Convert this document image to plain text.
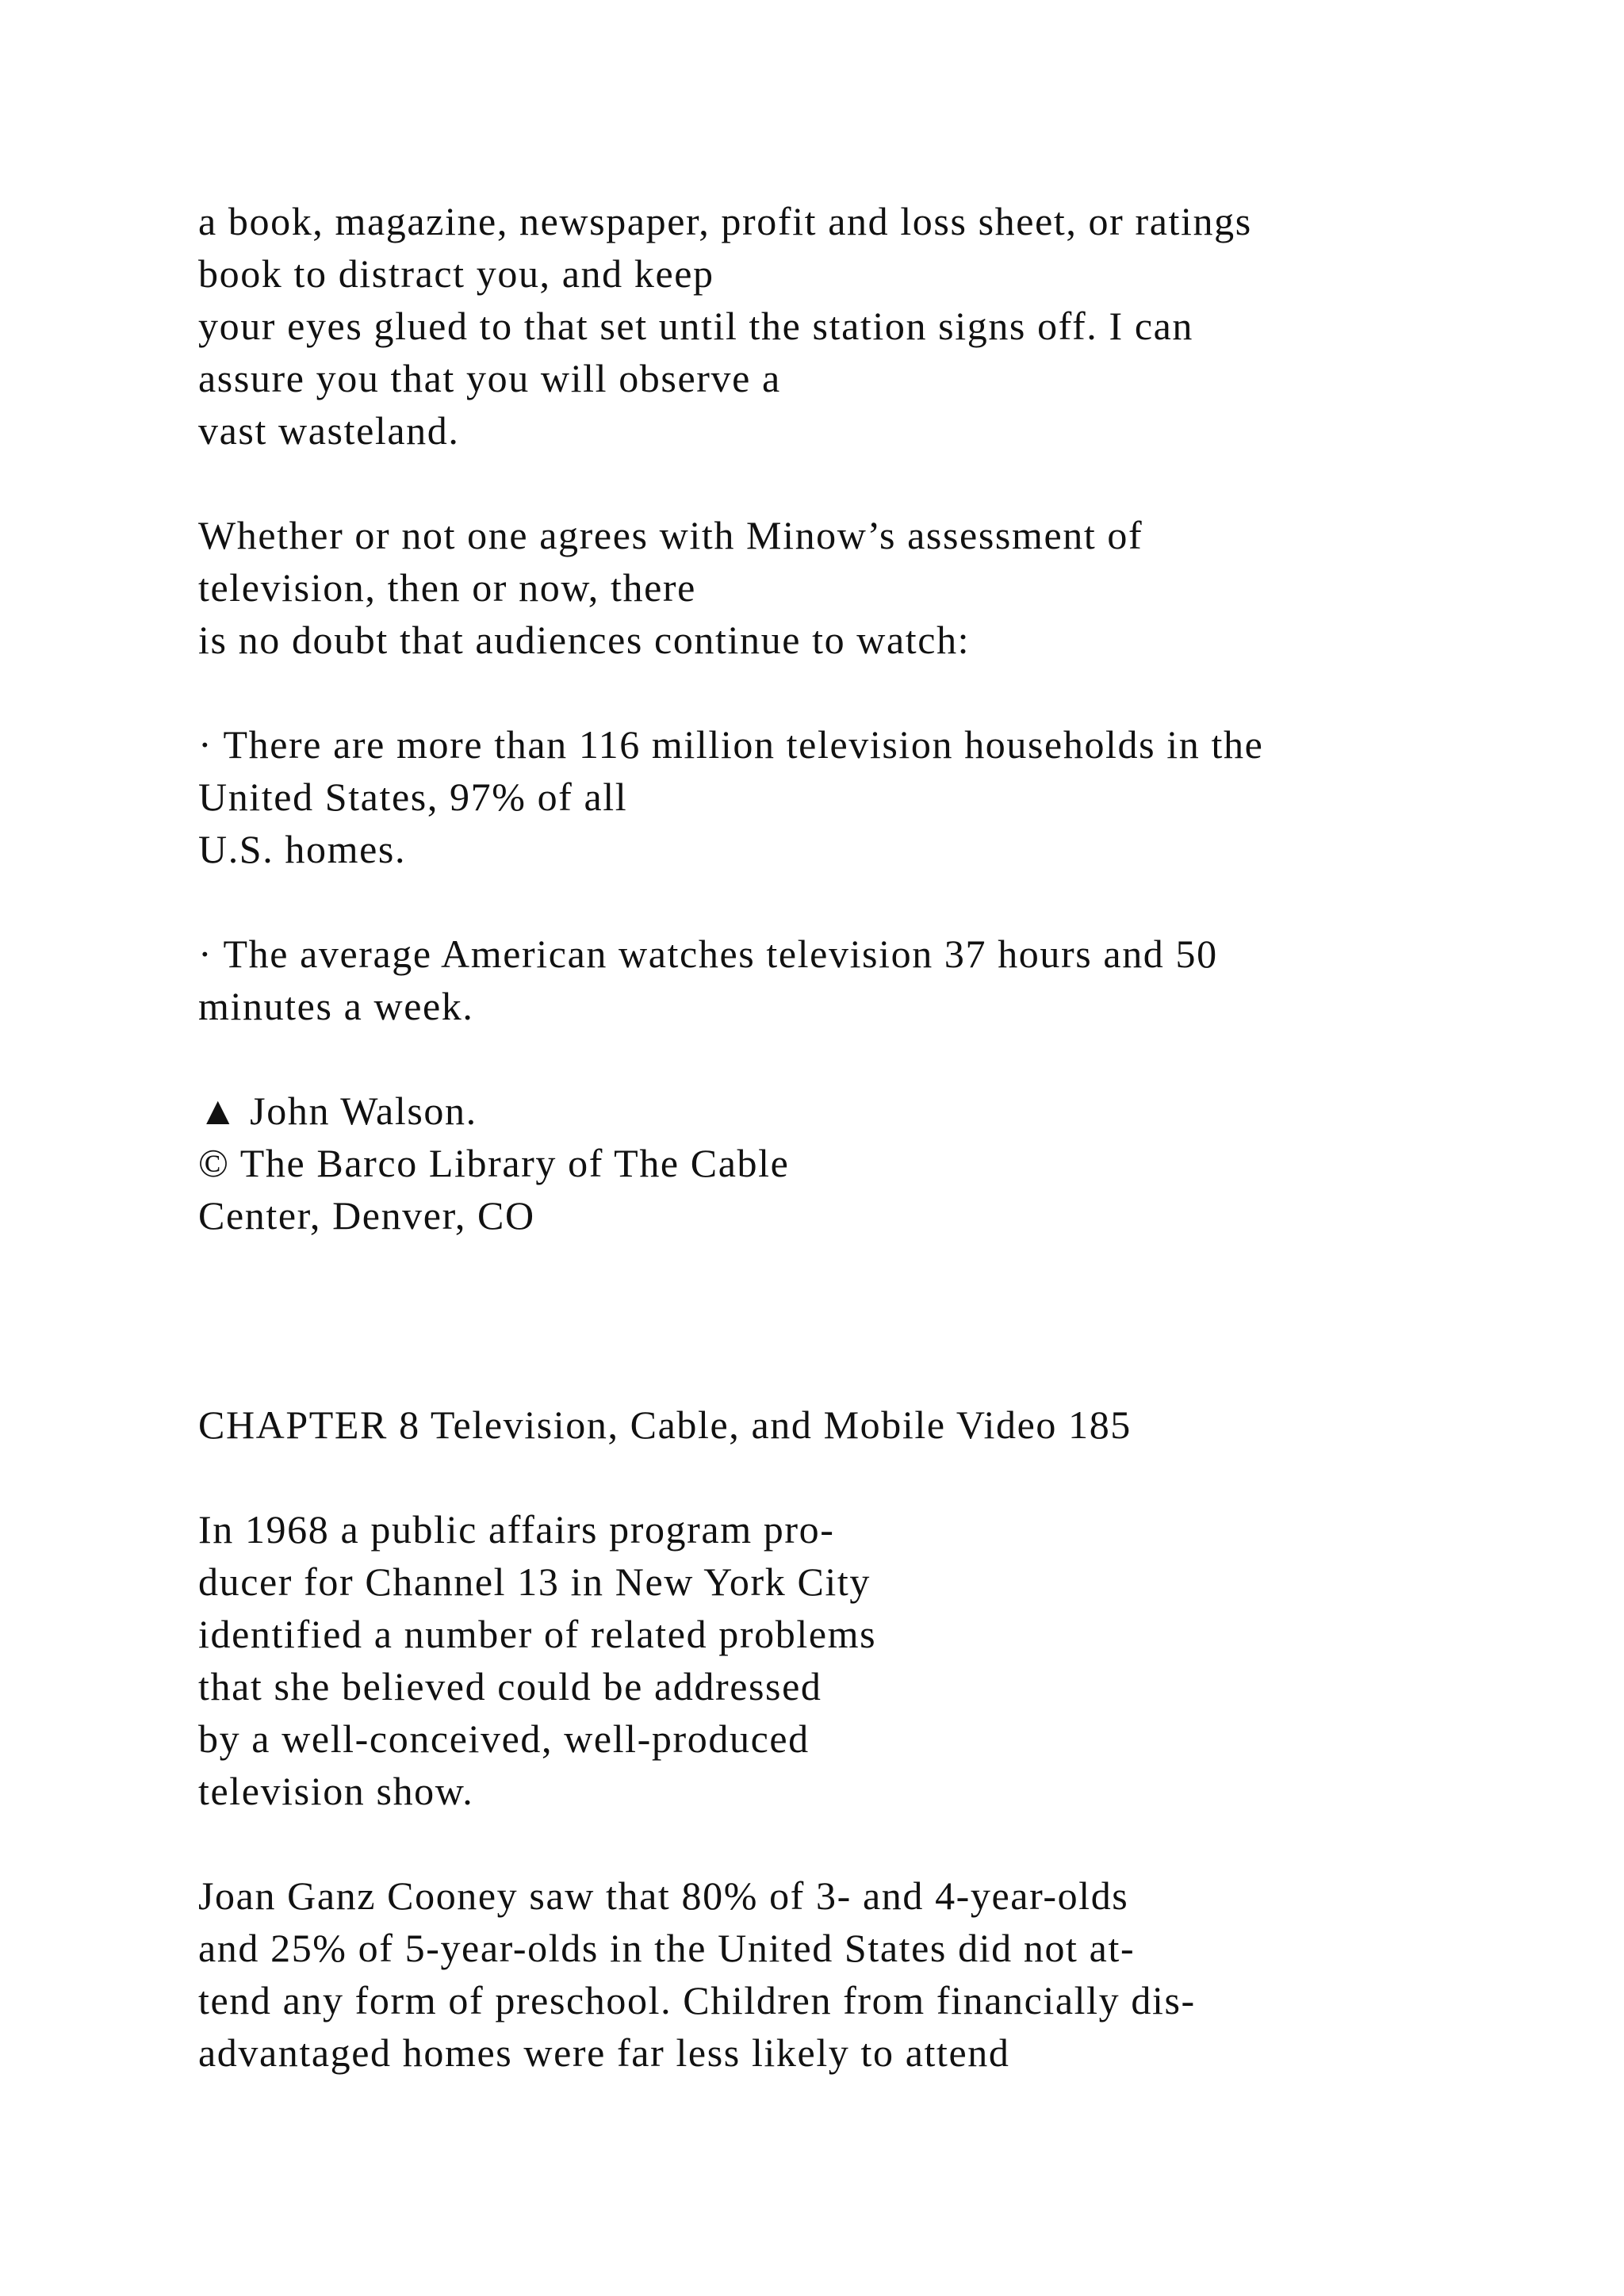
a book, magazine, newspaper, profit and loss sheet, or ratings
book to distract you, and keep
your eyes glued to that set until the station signs off. I can
assure you that you will observe a
vast wasteland.
Whether or not one agrees with Minow’s assessment of
television, then or now, there
is no doubt that audiences continue to watch:
· There are more than 116 million television households in the
United States, 97% of all
U.S. homes.
· The average American watches television 37 hours and 50
minutes a week.
▲ John Walson.
© The Barco Library of The Cable
Center, Denver, CO
CHAPTER 8 Television, Cable, and Mobile Video 185
In 1968 a public affairs program pro-
ducer for Channel 13 in New York City
identified a number of related problems
that she believed could be addressed
by a well-conceived, well-produced
television show.
Joan Ganz Cooney saw that 80% of 3- and 4-year-olds
and 25% of 5-year-olds in the United States did not at-
tend any form of preschool. Children from financially dis-
advantaged homes were far less likely to attend
